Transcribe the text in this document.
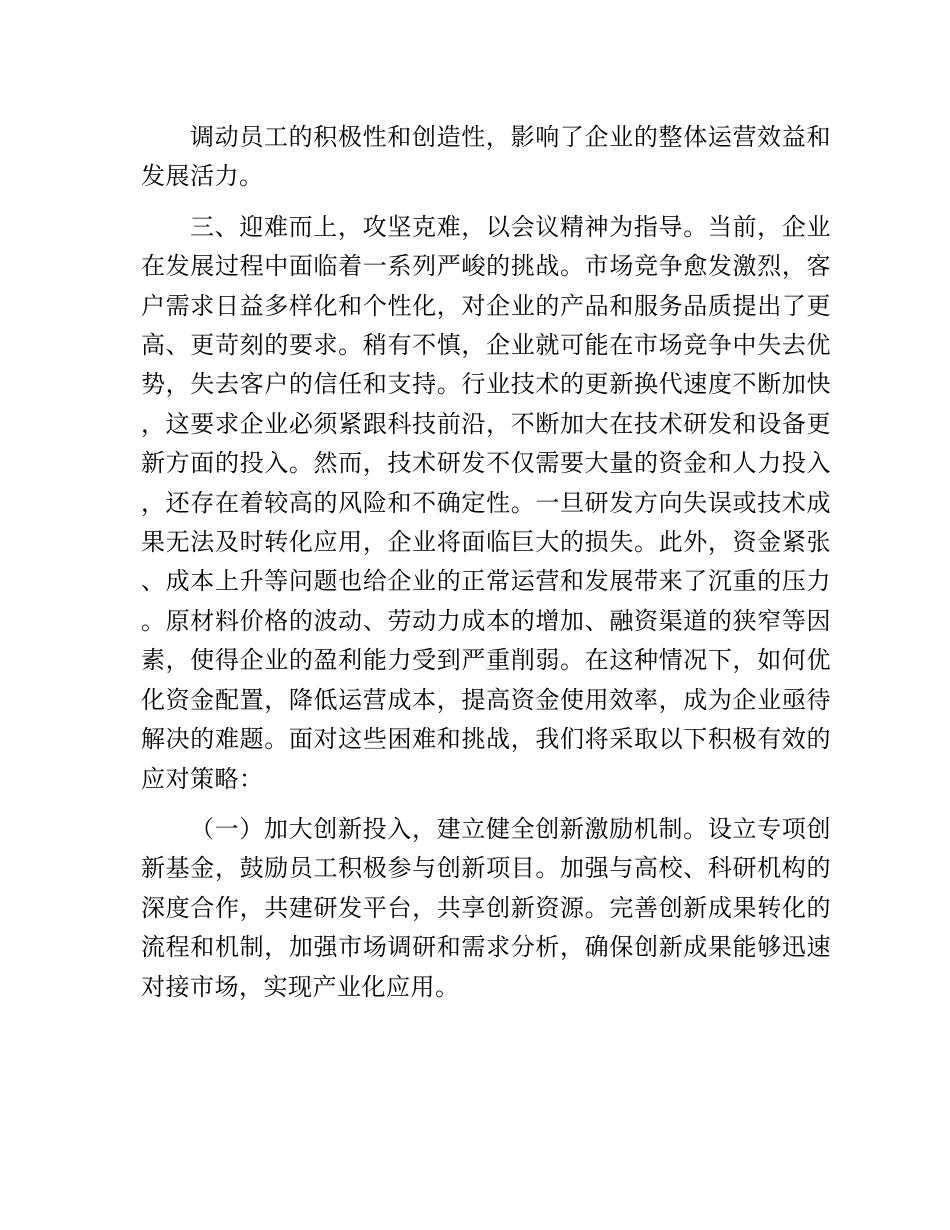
调动员工的积极性和创造性，影响了企业的整体运营效益和发展活力。

三、迎难而上，攻坚克难，以会议精神为指导。当前，企业在发展过程中面临着一系列严峻的挑战。市场竞争愈发激烈，客户需求日益多样化和个性化，对企业的产品和服务品质提出了更高、更苛刻的要求。稍有不慎，企业就可能在市场竞争中失去优势，失去客户的信任和支持。行业技术的更新换代速度不断加快，这要求企业必须紧跟科技前沿，不断加大在技术研发和设备更新方面的投入。然而，技术研发不仅需要大量的资金和人力投入，还存在着较高的风险和不确定性。一旦研发方向失误或技术成果无法及时转化应用，企业将面临巨大的损失。此外，资金紧张、成本上升等问题也给企业的正常运营和发展带来了沉重的压力。原材料价格的波动、劳动力成本的增加、融资渠道的狭窄等因素，使得企业的盈利能力受到严重削弱。在这种情况下，如何优化资金配置，降低运营成本，提高资金使用效率，成为企业亟待解决的难题。面对这些困难和挑战，我们将采取以下积极有效的应对策略：

（一）加大创新投入，建立健全创新激励机制。设立专项创新基金，鼓励员工积极参与创新项目。加强与高校、科研机构的深度合作，共建研发平台，共享创新资源。完善创新成果转化的流程和机制，加强市场调研和需求分析，确保创新成果能够迅速对接市场，实现产业化应用。
